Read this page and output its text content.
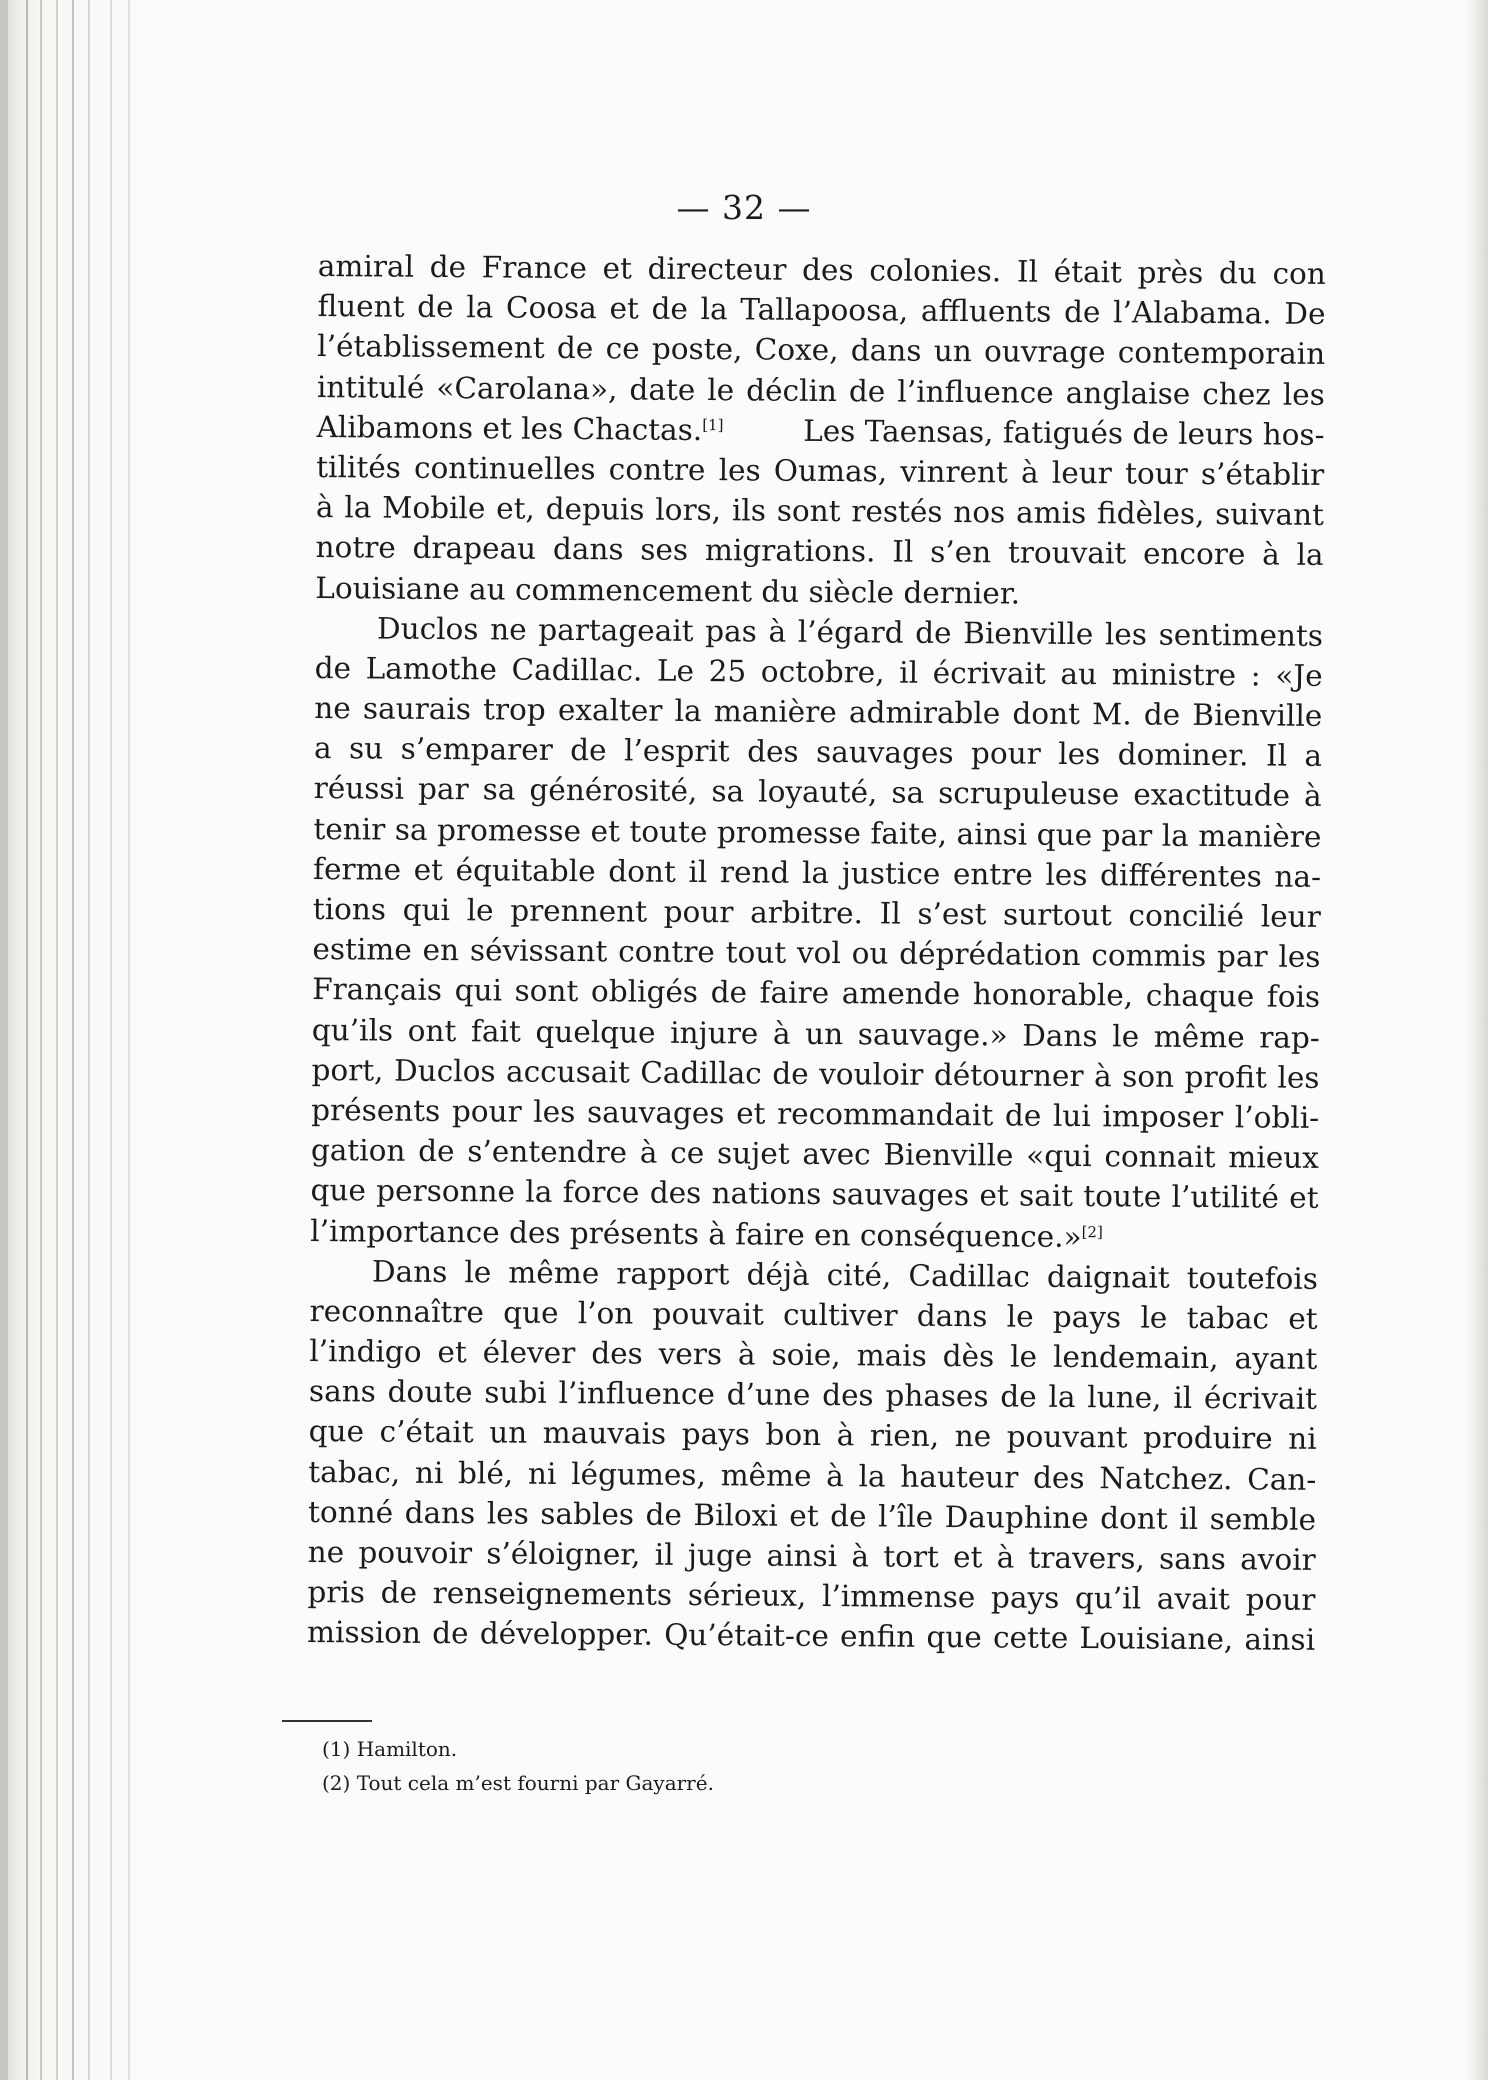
— 32 —
amiral de France et directeur des colonies. Il était près du con
fluent de la Coosa et de la Tallapoosa, affluents de l’Alabama. De
l’établissement de ce poste, Coxe, dans un ouvrage contemporain
intitulé «Carolana», date le déclin de l’influence anglaise chez les
Alibamons et les Chactas.[1]	Les Taensas, fatigués de leurs hos-
tilités continuelles contre les Oumas, vinrent à leur tour s’établir
à la Mobile et, depuis lors, ils sont restés nos amis fidèles, suivant
notre drapeau dans ses migrations. Il s’en trouvait encore à la
Louisiane au commencement du siècle dernier.
Duclos ne partageait pas à l’égard de Bienville les sentiments
de Lamothe Cadillac. Le 25 octobre, il écrivait au ministre : «Je
ne saurais trop exalter la manière admirable dont M. de Bienville
a su s’emparer de l’esprit des sauvages pour les dominer. Il a
réussi par sa générosité, sa loyauté, sa scrupuleuse exactitude à
tenir sa promesse et toute promesse faite, ainsi que par la manière
ferme et équitable dont il rend la justice entre les différentes na-
tions qui le prennent pour arbitre. Il s’est surtout concilié leur
estime en sévissant contre tout vol ou déprédation commis par les
Français qui sont obligés de faire amende honorable, chaque fois
qu’ils ont fait quelque injure à un sauvage.» Dans le même rap-
port, Duclos accusait Cadillac de vouloir détourner à son profit les
présents pour les sauvages et recommandait de lui imposer l’obli-
gation de s’entendre à ce sujet avec Bienville «qui connait mieux
que personne la force des nations sauvages et sait toute l’utilité et
l’importance des présents à faire en conséquence.»[2]
Dans le même rapport déjà cité, Cadillac daignait toutefois
reconnaître que l’on pouvait cultiver dans le pays le tabac et
l’indigo et élever des vers à soie, mais dès le lendemain, ayant
sans doute subi l’influence d’une des phases de la lune, il écrivait
que c’était un mauvais pays bon à rien, ne pouvant produire ni
tabac, ni blé, ni légumes, même à la hauteur des Natchez. Can-
tonné dans les sables de Biloxi et de l’île Dauphine dont il semble
ne pouvoir s’éloigner, il juge ainsi à tort et à travers, sans avoir
pris de renseignements sérieux, l’immense pays qu’il avait pour
mission de développer. Qu’était-ce enfin que cette Louisiane, ainsi
(1) Hamilton.
(2) Tout cela m’est fourni par Gayarré.
